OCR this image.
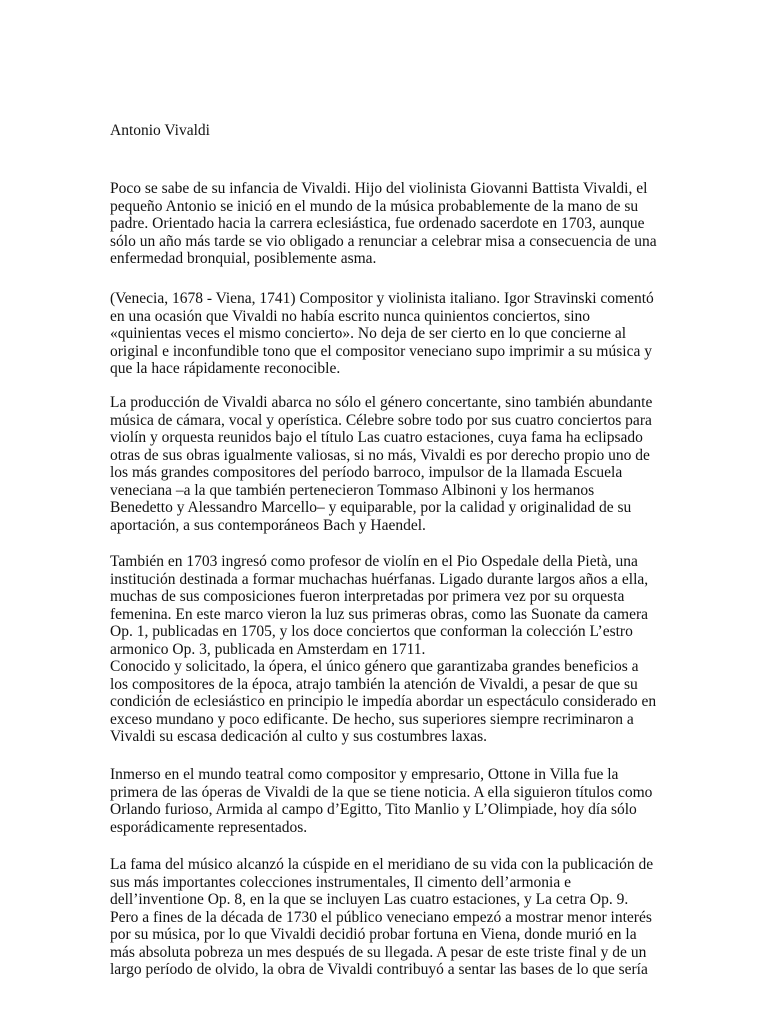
Antonio Vivaldi
Poco se sabe de su infancia de Vivaldi. Hijo del violinista Giovanni Battista Vivaldi, el
pequeño Antonio se inició en el mundo de la música probablemente de la mano de su
padre. Orientado hacia la carrera eclesiástica, fue ordenado sacerdote en 1703, aunque
sólo un año más tarde se vio obligado a renunciar a celebrar misa a consecuencia de una
enfermedad bronquial, posiblemente asma.
(Venecia, 1678 - Viena, 1741) Compositor y violinista italiano. Igor Stravinski comentó
en una ocasión que Vivaldi no había escrito nunca quinientos conciertos, sino
«quinientas veces el mismo concierto». No deja de ser cierto en lo que concierne al
original e inconfundible tono que el compositor veneciano supo imprimir a su música y
que la hace rápidamente reconocible.
La producción de Vivaldi abarca no sólo el género concertante, sino también abundante
música de cámara, vocal y operística. Célebre sobre todo por sus cuatro conciertos para
violín y orquesta reunidos bajo el título Las cuatro estaciones, cuya fama ha eclipsado
otras de sus obras igualmente valiosas, si no más, Vivaldi es por derecho propio uno de
los más grandes compositores del período barroco, impulsor de la llamada Escuela
veneciana –a la que también pertenecieron Tommaso Albinoni y los hermanos
Benedetto y Alessandro Marcello– y equiparable, por la calidad y originalidad de su
aportación, a sus contemporáneos Bach y Haendel.
También en 1703 ingresó como profesor de violín en el Pio Ospedale della Pietà, una
institución destinada a formar muchachas huérfanas. Ligado durante largos años a ella,
muchas de sus composiciones fueron interpretadas por primera vez por su orquesta
femenina. En este marco vieron la luz sus primeras obras, como las Suonate da camera
Op. 1, publicadas en 1705, y los doce conciertos que conforman la colección L’estro
armonico Op. 3, publicada en Amsterdam en 1711.
Conocido y solicitado, la ópera, el único género que garantizaba grandes beneficios a
los compositores de la época, atrajo también la atención de Vivaldi, a pesar de que su
condición de eclesiástico en principio le impedía abordar un espectáculo considerado en
exceso mundano y poco edificante. De hecho, sus superiores siempre recriminaron a
Vivaldi su escasa dedicación al culto y sus costumbres laxas.
Inmerso en el mundo teatral como compositor y empresario, Ottone in Villa fue la
primera de las óperas de Vivaldi de la que se tiene noticia. A ella siguieron títulos como
Orlando furioso, Armida al campo d’Egitto, Tito Manlio y L’Olimpiade, hoy día sólo
esporádicamente representados.
La fama del músico alcanzó la cúspide en el meridiano de su vida con la publicación de
sus más importantes colecciones instrumentales, Il cimento dell’armonia e
dell’inventione Op. 8, en la que se incluyen Las cuatro estaciones, y La cetra Op. 9.
Pero a fines de la década de 1730 el público veneciano empezó a mostrar menor interés
por su música, por lo que Vivaldi decidió probar fortuna en Viena, donde murió en la
más absoluta pobreza un mes después de su llegada. A pesar de este triste final y de un
largo período de olvido, la obra de Vivaldi contribuyó a sentar las bases de lo que sería
